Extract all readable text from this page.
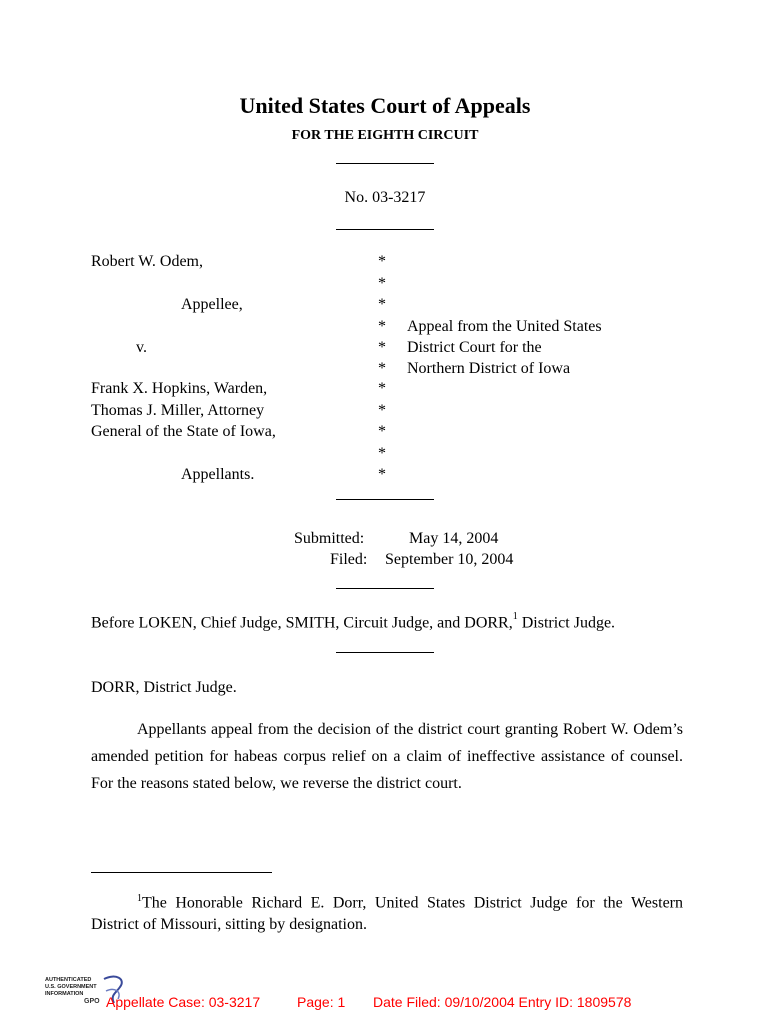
United States Court of Appeals
FOR THE EIGHTH CIRCUIT
No. 03-3217
Robert W. Odem,
Appellee,
v.
Frank X. Hopkins, Warden,
Thomas J. Miller, Attorney
General of the State of Iowa,
Appellants.
*
*
*
*
*
*
*
*
*
*
*
Appeal from the United States
District Court for the
Northern District of Iowa
Submitted:	May 14, 2004
Filed: September 10, 2004
Before LOKEN, Chief Judge, SMITH, Circuit Judge, and DORR,$^1$ District Judge.
DORR, District Judge.

Appellants appeal from the decision of the district court granting Robert W. Odem’s amended petition for habeas corpus relief on a claim of ineffective assistance of counsel. For the reasons stated below, we reverse the district court.

$^1$The Honorable Richard E. Dorr, United States District Judge for the Western District of Missouri, sitting by designation.

AUTHENTICATED
U.S. GOVERNMENT
INFORMATION
GPO Appellate Case: 03-3217	Page: 1 Date Filed: 09/10/2004 Entry ID: 1809578
